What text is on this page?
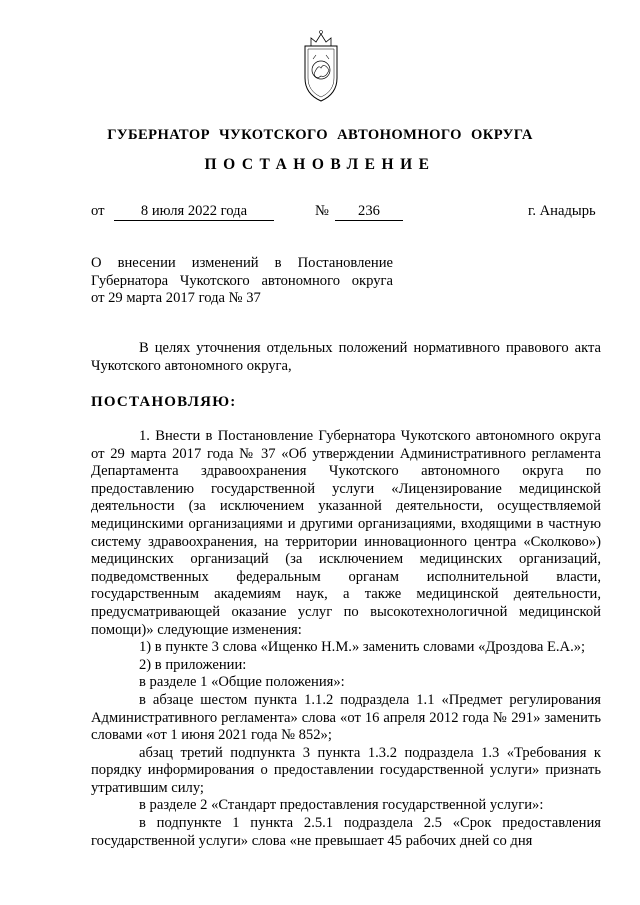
ГУБЕРНАТОР ЧУКОТСКОГО АВТОНОМНОГО ОКРУГА
ПОСТАНОВЛЕНИЕ
от	8 июля 2022 года	№	236	г. Анадырь
О внесении изменений в Постановление
Губернатора Чукотского автономного округа
от 29 марта 2017 года № 37
В целях уточнения отдельных положений нормативного правового акта Чукотского автономного округа,
ПОСТАНОВЛЯЮ:
1. Внести в Постановление Губернатора Чукотского автономного округа от 29 марта 2017 года № 37 «Об утверждении Административного регламента Департамента здравоохранения Чукотского автономного округа по предоставлению государственной услуги «Лицензирование медицинской деятельности (за исключением указанной деятельности, осуществляемой медицинскими организациями и другими организациями, входящими в частную систему здравоохранения, на территории инновационного центра «Сколково») медицинских организаций (за исключением медицинских организаций, подведомственных федеральным органам исполнительной власти, государственным академиям наук, а также медицинской деятельности, предусматривающей оказание услуг по высокотехнологичной медицинской помощи)» следующие изменения:
1) в пункте 3 слова «Ищенко Н.М.» заменить словами «Дроздова Е.А.»;
2) в приложении:
в разделе 1 «Общие положения»:
в абзаце шестом пункта 1.1.2 подраздела 1.1 «Предмет регулирования Административного регламента» слова «от 16 апреля 2012 года № 291» заменить словами «от 1 июня 2021 года № 852»;
абзац третий подпункта 3 пункта 1.3.2 подраздела 1.3 «Требования к порядку информирования о предоставлении государственной услуги» признать утратившим силу;
в разделе 2 «Стандарт предоставления государственной услуги»:
в подпункте 1 пункта 2.5.1 подраздела 2.5 «Срок предоставления государственной услуги» слова «не превышает 45 рабочих дней со дня
